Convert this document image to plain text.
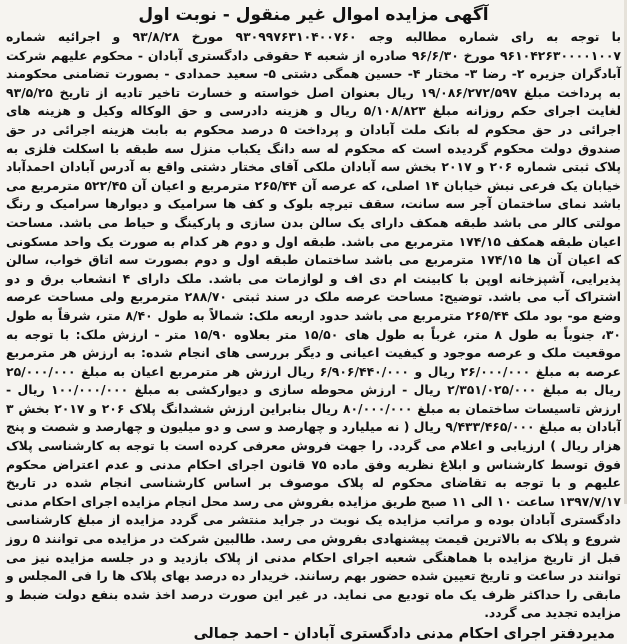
آگهی مزایده اموال غیر منقول - نوبت اول
با توجه به رای شماره مطالبه وجه ۹۳۰۹۹۷۶۳۱۰۴۰۰۷۶۰ مورخ ۹۳/۸/۲۸ و اجرائیه شماره ۹۶۱۰۴۲۶۳۰۰۰۰۱۰۰۷ مورخ ۹۶/۶/۳۰ صادره از شعبه ۴ حقوقی دادگستری آبادان - محکوم علیهم شرکت آبادگران جزیره ۲- رضا ۳- مختار ۴- حسین همگی دشتی ۵- سعید حمدادی - بصورت تضامنی محکومند به پرداخت مبلغ ۱۹/۰۸۶/۲۷۲/۵۹۷ ریال بعنوان اصل خواسته و خسارت تاخیر تادیه از تاریخ ۹۳/۵/۲۵ لغایت اجرای حکم روزانه مبلغ ۵/۱۰۸/۸۲۳ ریال و هزینه دادرسی و حق الوکاله وکیل و هزینه های اجرائی در حق محکوم له بانک ملت آبادان و پرداخت ۵ درصد محکوم به بابت هزینه اجرائی در حق صندوق دولت محکوم گردیده است که محکوم له سه دانگ یکباب منزل سه طبقه با اسکلت فلزی به پلاک ثبتی شماره ۲۰۶ و ۲۰۱۷ بخش سه آبادان ملکی آقای مختار دشتی واقع به آدرس آبادان احمدآباد خیابان یک فرعی نبش خیابان ۱۴ اصلی، که عرصه آن ۲۶۵/۴۴ مترمربع و اعیان آن ۵۲۲/۴۵ مترمربع می باشد نمای ساختمان آجر سه سانت، سقف تیرچه بلوک و کف ها سرامیک و دیوارها سرامیک و رنگ مولتی کالر می باشد طبقه همکف دارای یک سالن بدن سازی و پارکینگ و حیاط می باشد. مساحت اعیان طبقه همکف ۱۷۴/۱۵ مترمربع می باشد. طبقه اول و دوم هر کدام به صورت یک واحد مسکونی که اعیان آن ها ۱۷۴/۱۵ مترمربع می باشد ساختمان طبقه اول و دوم بصورت سه اتاق خواب، سالن پذیرایی، آشپزخانه اوپن با کابینت ام دی اف و لوازمات می باشد. ملک دارای ۴ انشعاب برق و دو اشتراک آب می باشد. توضیح: مساحت عرصه ملک در سند ثبتی ۲۸۸/۷۰ مترمربع ولی مساحت عرصه وضع مو- بود ملک ۲۶۵/۴۴ مترمربع می باشد حدود اربعه ملک: شمالاً به طول ۸/۴۰ متر، شرقاً به طول ۳۰، جنوباً به طول ۸ متر، غرباً به طول های ۱۵/۵۰ متر بعلاوه ۱۵/۹۰ متر - ارزش ملک: با توجه به موقعیت ملک و عرصه موجود و کیفیت اعیانی و دیگر بررسی های انجام شده: به ارزش هر مترمربع عرصه به مبلغ ۲۶/۰۰۰/۰۰۰ ریال و ۶/۹۰۶/۴۴۰/۰۰۰ ریال ارزش هر مترمربع اعیان به مبلغ ۲۵/۰۰۰/۰۰۰ ریال به مبلغ ۲/۳۵۱/۰۲۵/۰۰۰ ریال - ارزش محوطه سازی و دیوارکشی به مبلغ ۱۰۰/۰۰۰/۰۰۰ ریال - ارزش تاسیسات ساختمان به مبلغ ۸۰/۰۰۰/۰۰۰ ریال بنابراین ارزش ششدانگ پلاک ۲۰۶ و ۲۰۱۷ بخش ۳ آبادان به مبلغ ۹/۴۳۳/۴۶۵/۰۰۰ ریال ( نه میلیارد و چهارصد و سی و دو میلیون و چهارصد و شصت و پنج هزار ریال ) ارزیابی و اعلام می گردد. را جهت فروش معرفی کرده است با توجه به کارشناسی پلاک فوق توسط کارشناس و ابلاغ نظریه وفق ماده ۷۵ قانون اجرای احکام مدنی و عدم اعتراض محکوم علیهم و با توجه به تقاضای محکوم له پلاک موصوف بر اساس کارشناسی انجام شده در تاریخ ۱۳۹۷/۷/۱۷ ساعت ۱۰ الی ۱۱ صبح طریق مزایده بفروش می رسد محل انجام مزایده اجرای احکام مدنی دادگستری آبادان بوده و مراتب مزایده یک نوبت در جراید منتشر می گردد مزایده از مبلغ کارشناسی شروع و پلاک به بالاترین قیمت پیشنهادی بفروش می رسد. طالبین شرکت در مزایده می توانند ۵ روز قبل از تاریخ مزایده با هماهنگی شعبه اجرای احکام مدنی از پلاک بازدید و در جلسه مزایده نیز می توانند در ساعت و تاریخ تعیین شده حضور بهم رسانند. خریدار ده درصد بهای پلاک ها را فی المجلس و مابقی را حداکثر ظرف یک ماه تودیع می نماید. در غیر این صورت درصد اخذ شده بنفع دولت ضبط و مزایده تجدید می گردد.
مدیردفتر اجرای احکام مدنی دادگستری آبادان - احمد جمالی
